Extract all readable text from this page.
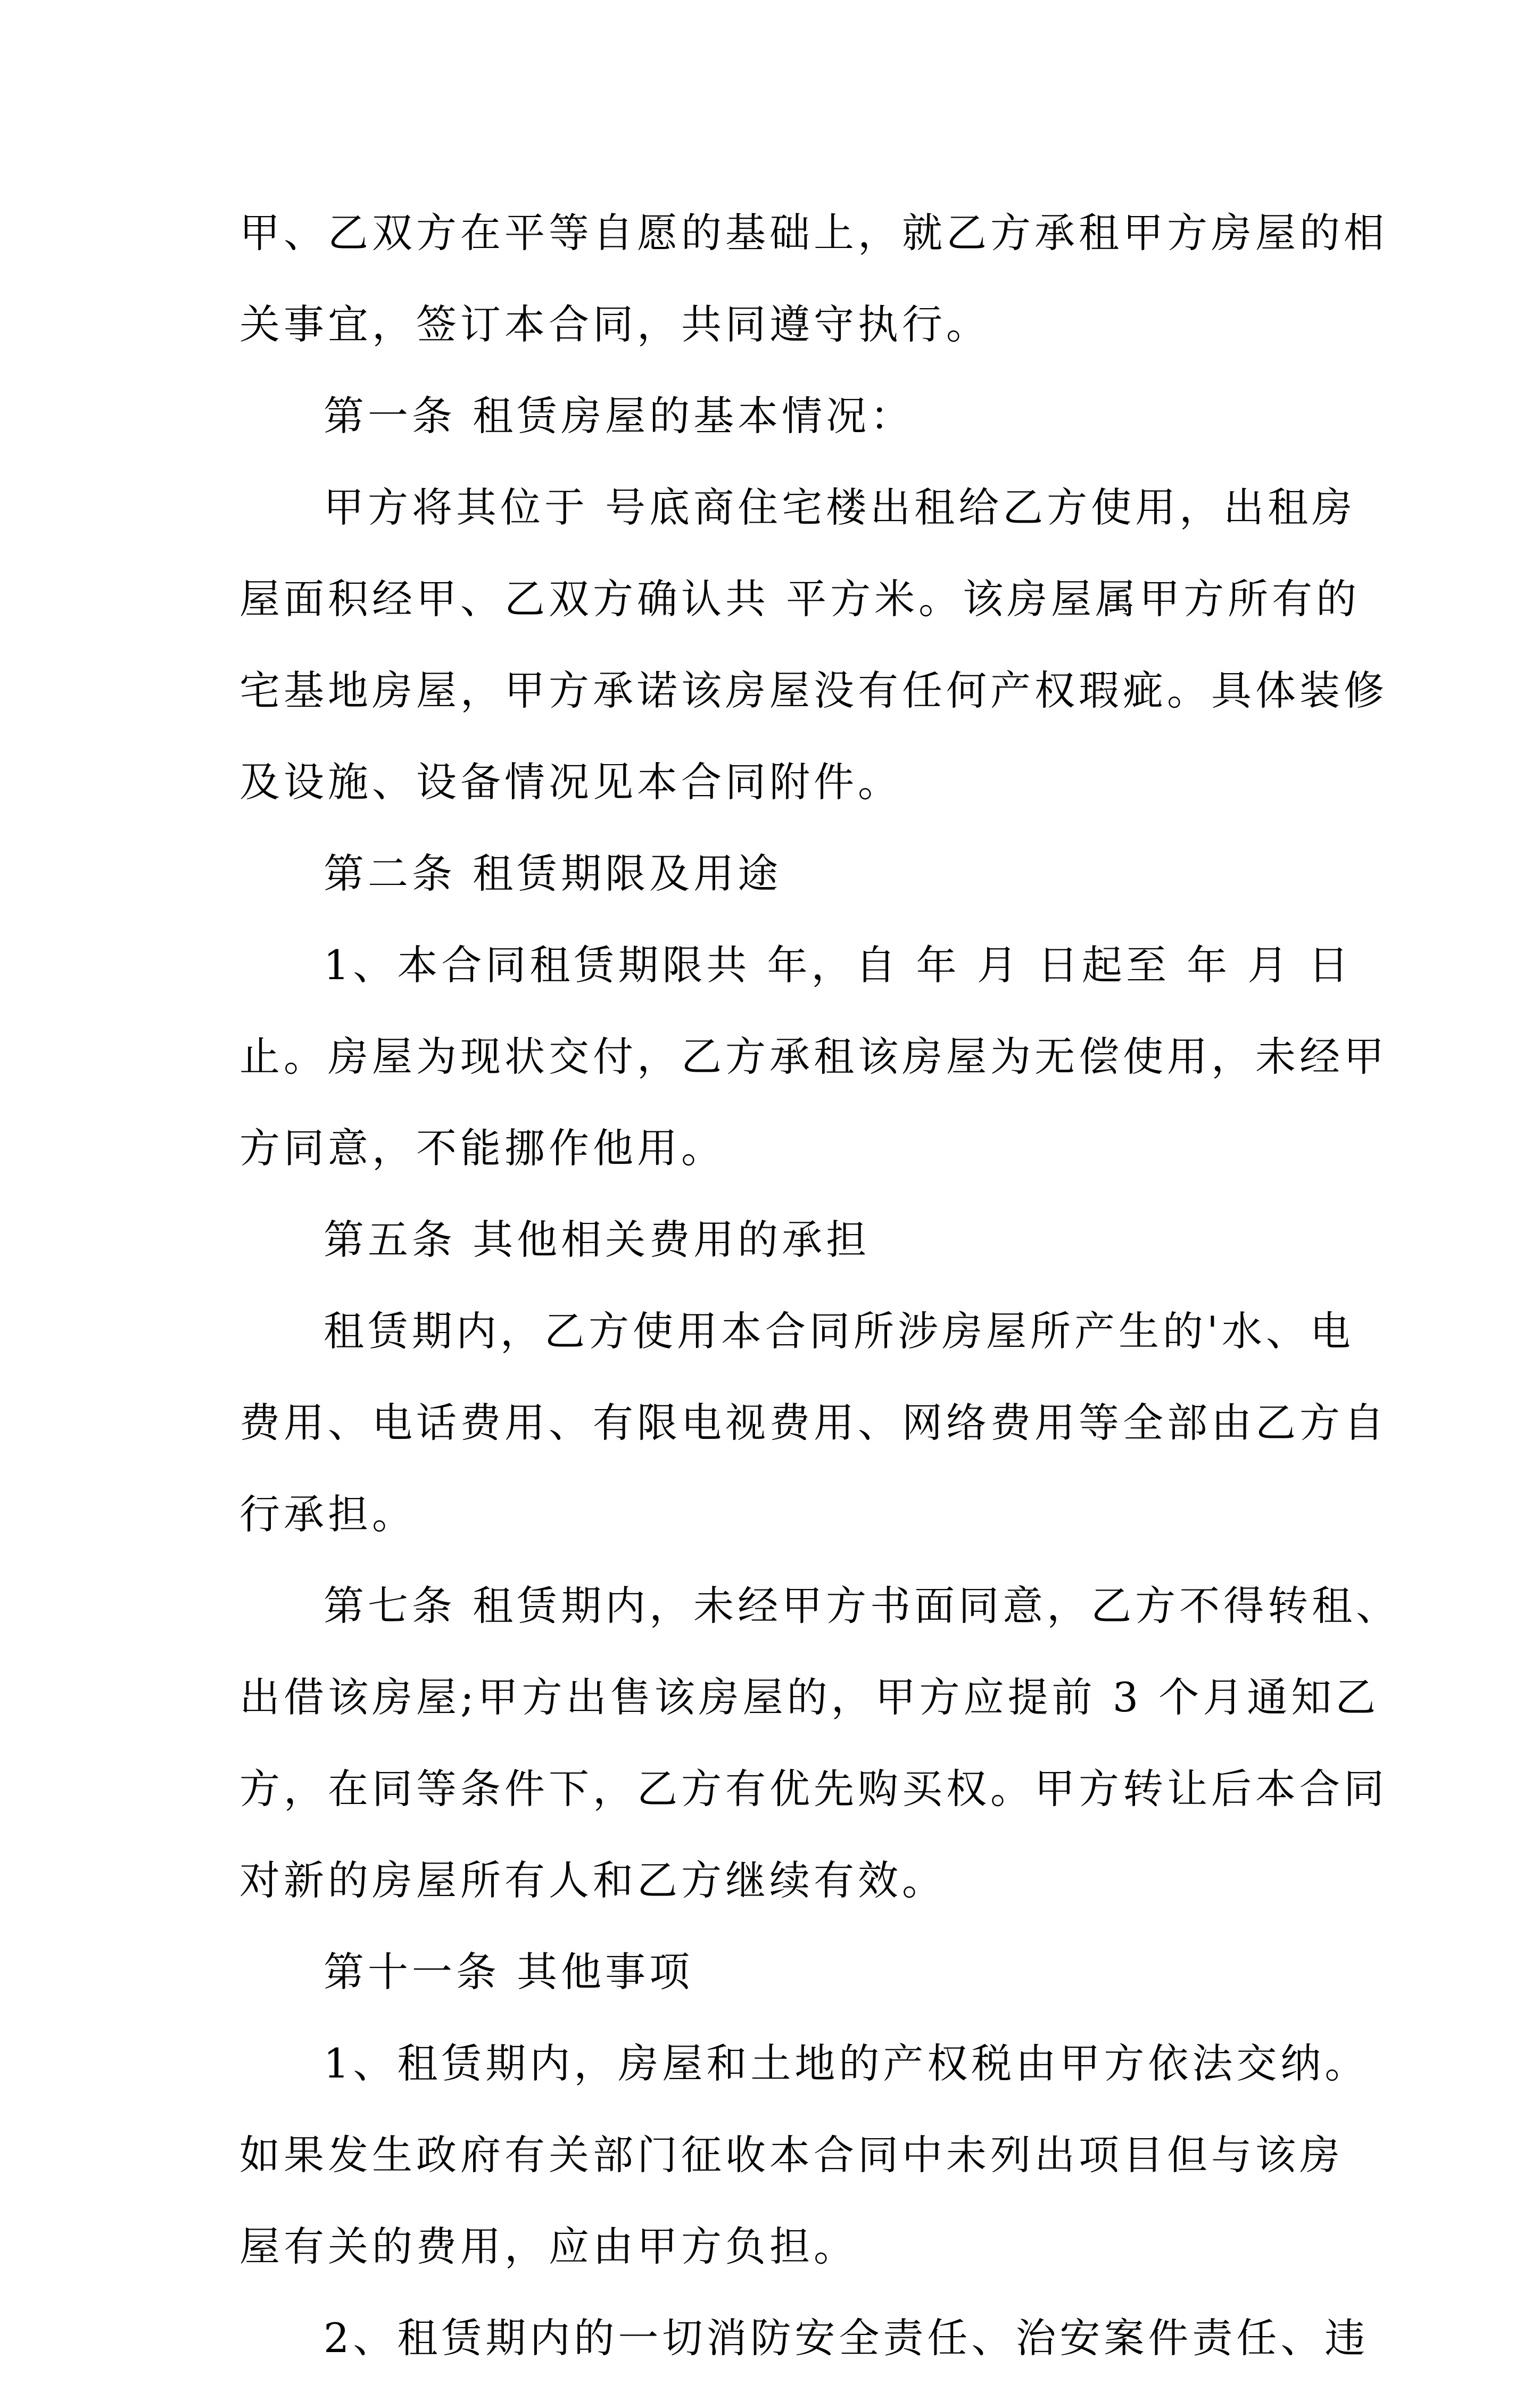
甲、乙双方在平等自愿的基础上，就乙方承租甲方房屋的相
关事宜，签订本合同，共同遵守执行。
第一条 租赁房屋的基本情况：
甲方将其位于 号底商住宅楼出租给乙方使用，出租房
屋面积经甲、乙双方确认共 平方米。该房屋属甲方所有的
宅基地房屋，甲方承诺该房屋没有任何产权瑕疵。具体装修
及设施、设备情况见本合同附件。
第二条 租赁期限及用途
1、本合同租赁期限共 年，自 年 月 日起至 年 月 日
止。房屋为现状交付，乙方承租该房屋为无偿使用，未经甲
方同意，不能挪作他用。
第五条 其他相关费用的承担
租赁期内，乙方使用本合同所涉房屋所产生的'水、电
费用、电话费用、有限电视费用、网络费用等全部由乙方自
行承担。
第七条 租赁期内，未经甲方书面同意，乙方不得转租、
出借该房屋;甲方出售该房屋的，甲方应提前 3 个月通知乙
方，在同等条件下，乙方有优先购买权。甲方转让后本合同
对新的房屋所有人和乙方继续有效。
第十一条 其他事项
1、租赁期内，房屋和土地的产权税由甲方依法交纳。
如果发生政府有关部门征收本合同中未列出项目但与该房
屋有关的费用，应由甲方负担。
2、租赁期内的一切消防安全责任、治安案件责任、违
